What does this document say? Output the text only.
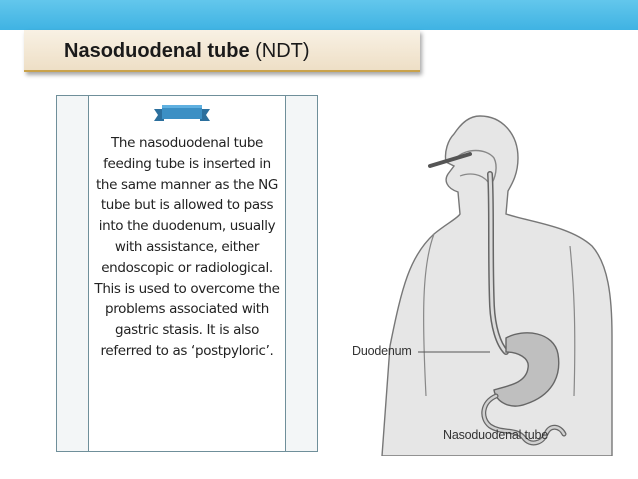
Nasoduodenal tube (NDT)
The nasoduodenal tube feeding tube is inserted in the same manner as the NG tube but is allowed to pass into the duodenum, usually with assistance, either endoscopic or radiological. This is used to overcome the problems associated with gastric stasis. It is also referred to as ‘postpyloric’.	Duodenum
Nasoduodenal tube
